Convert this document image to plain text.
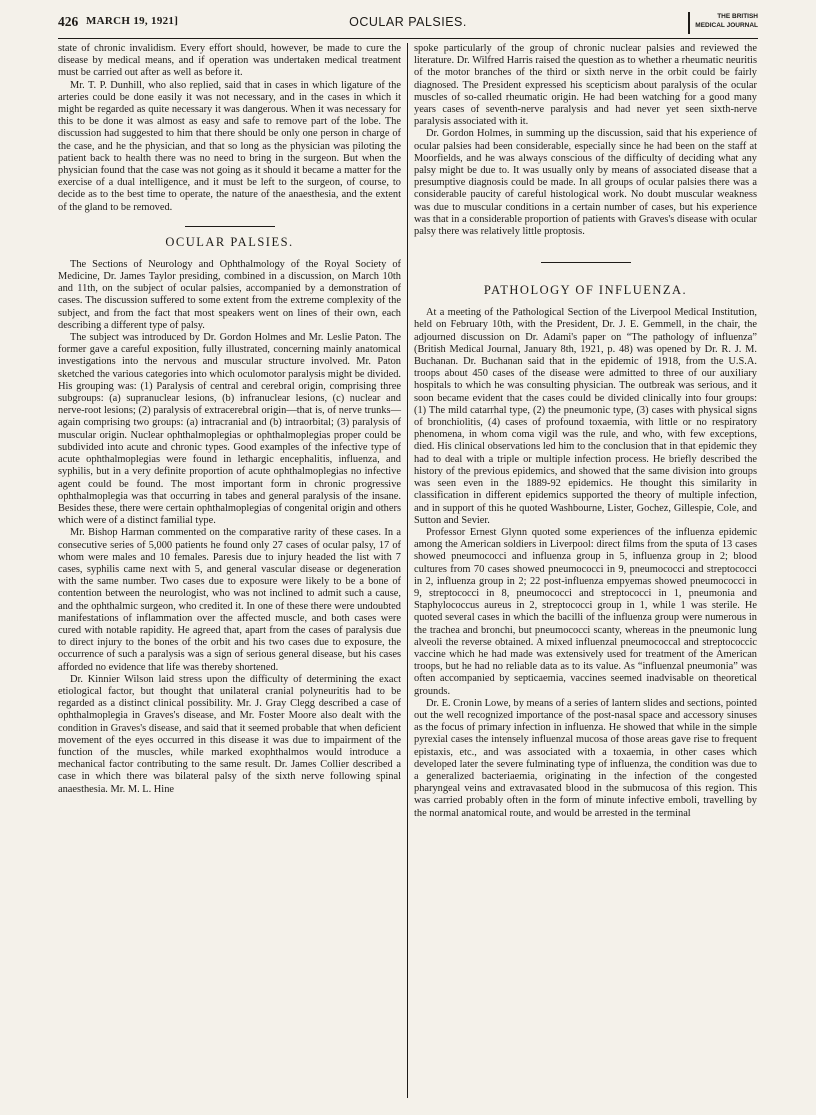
426 MARCH 19, 1921]	OCULAR PALSIES.	THE BRITISH
MEDICAL JOURNAL

state of chronic invalidism. Every effort should, however, be made to cure the disease by medical means, and if operation was undertaken medical treatment must be carried out after as well as before it.

Mr. T. P. Dunhill, who also replied, said that in cases in which ligature of the arteries could be done easily it was not necessary, and in the cases in which it might be regarded as quite necessary it was dangerous. When it was necessary for this to be done it was almost as easy and safe to remove part of the lobe. The discussion had suggested to him that there should be only one person in charge of the case, and he the physician, and that so long as the physician was piloting the patient back to health there was no need to bring in the surgeon. But when the physician found that the case was not going as it should it became a matter for the exercise of a dual intelligence, and it must be left to the surgeon, of course, to decide as to the best time to operate, the nature of the anaesthesia, and the extent of the gland to be removed.

OCULAR PALSIES.

The Sections of Neurology and Ophthalmology of the Royal Society of Medicine, Dr. James Taylor presiding, combined in a discussion, on March 10th and 11th, on the subject of ocular palsies, accompanied by a demonstration of cases. The discussion suffered to some extent from the extreme complexity of the subject, and from the fact that most speakers went on lines of their own, each describing a different type of palsy.

The subject was introduced by Dr. Gordon Holmes and Mr. Leslie Paton. The former gave a careful exposition, fully illustrated, concerning mainly anatomical investigations into the nervous and muscular structure involved. Mr. Paton sketched the various categories into which oculomotor paralysis might be divided. His grouping was: (1) Paralysis of central and cerebral origin, comprising three subgroups: (a) supranuclear lesions, (b) infranuclear lesions, (c) nuclear and nerve-root lesions; (2) paralysis of extracerebral origin—that is, of nerve trunks—again comprising two groups: (a) intracranial and (b) intraorbital; (3) paralysis of muscular origin. Nuclear ophthalmoplegias or ophthalmoplegias proper could be subdivided into acute and chronic types. Good examples of the infective type of acute ophthalmoplegias were found in lethargic encephalitis, influenza, and syphilis, but in a very definite proportion of acute ophthalmoplegias no infective agent could be found. The most important form in chronic progressive ophthalmoplegia was that occurring in tabes and general paralysis of the insane. Besides these, there were certain ophthalmoplegias of congenital origin and others which were of a distinct familial type.

Mr. Bishop Harman commented on the comparative rarity of these cases. In a consecutive series of 5,000 patients he found only 27 cases of ocular palsy, 17 of whom were males and 10 females. Paresis due to injury headed the list with 7 cases, syphilis came next with 5, and general vascular disease or degeneration with the same number. Two cases due to exposure were likely to be a bone of contention between the neurologist, who was not inclined to admit such a cause, and the ophthalmic surgeon, who credited it. In one of these there were undoubted manifestations of inflammation over the affected muscle, and both cases were cured with notable rapidity. He agreed that, apart from the cases of paralysis due to direct injury to the bones of the orbit and his two cases due to exposure, the occurrence of such a paralysis was a sign of serious general disease, but his cases afforded no evidence that life was thereby shortened.

Dr. Kinnier Wilson laid stress upon the difficulty of determining the exact etiological factor, but thought that unilateral cranial polyneuritis had to be regarded as a distinct clinical possibility. Mr. J. Gray Clegg described a case of ophthalmoplegia in Graves's disease, and Mr. Foster Moore also dealt with the condition in Graves's disease, and said that it seemed probable that when deficient movement of the eyes occurred in this disease it was due to impairment of the function of the muscles, while marked exophthalmos would introduce a mechanical factor contributing to the same result. Dr. James Collier described a case in which there was bilateral palsy of the sixth nerve following spinal anaesthesia. Mr. M. L. Hine

spoke particularly of the group of chronic nuclear palsies and reviewed the literature. Dr. Wilfred Harris raised the question as to whether a rheumatic neuritis of the motor branches of the third or sixth nerve in the orbit could be fairly diagnosed. The President expressed his scepticism about paralysis of the ocular muscles of so-called rheumatic origin. He had been watching for a good many years cases of seventh-nerve paralysis and had never yet seen sixth-nerve paralysis associated with it.

Dr. Gordon Holmes, in summing up the discussion, said that his experience of ocular palsies had been considerable, especially since he had been on the staff at Moorfields, and he was always conscious of the difficulty of deciding what any palsy might be due to. It was usually only by means of associated disease that a presumptive diagnosis could be made. In all groups of ocular palsies there was a considerable paucity of careful histological work. No doubt muscular weakness was due to muscular conditions in a certain number of cases, but his experience was that in a considerable proportion of patients with Graves's disease with ocular palsy there was relatively little proptosis.

PATHOLOGY OF INFLUENZA.

At a meeting of the Pathological Section of the Liverpool Medical Institution, held on February 10th, with the President, Dr. J. E. Gemmell, in the chair, the adjourned discussion on Dr. Adami's paper on “The pathology of influenza” (British Medical Journal, January 8th, 1921, p. 48) was opened by Dr. R. J. M. Buchanan. Dr. Buchanan said that in the epidemic of 1918, from the U.S.A. troops about 450 cases of the disease were admitted to three of our auxiliary hospitals to which he was consulting physician. The outbreak was serious, and it soon became evident that the cases could be divided clinically into four groups: (1) The mild catarrhal type, (2) the pneumonic type, (3) cases with physical signs of bronchiolitis, (4) cases of profound toxaemia, with little or no respiratory phenomena, in whom coma vigil was the rule, and who, with few exceptions, died. His clinical observations led him to the conclusion that in that epidemic they had to deal with a triple or multiple infection process. He briefly described the history of the previous epidemics, and showed that the same division into groups was seen even in the 1889-92 epidemics. He thought this similarity in classification in different epidemics supported the theory of multiple infection, and in support of this he quoted Washbourne, Lister, Gochez, Gillespie, Cole, and Sutton and Sevier.

Professor Ernest Glynn quoted some experiences of the influenza epidemic among the American soldiers in Liverpool: direct films from the sputa of 13 cases showed pneumococci and influenza group in 5, influenza group in 2; blood cultures from 70 cases showed pneumococci in 9, pneumococci and streptococci in 2, influenza group in 2; 22 post-influenza empyemas showed pneumococci in 9, streptococci in 8, pneumococci and streptococci in 1, pneumonia and Staphylococcus aureus in 2, streptococci group in 1, while 1 was sterile. He quoted several cases in which the bacilli of the influenza group were numerous in the trachea and bronchi, but pneumococci scanty, whereas in the pneumonic lung alveoli the reverse obtained. A mixed influenzal pneumococcal and streptococcic vaccine which he had made was extensively used for treatment of the American troops, but he had no reliable data as to its value. As “influenzal pneumonia” was often accompanied by septicaemia, vaccines seemed inadvisable on theoretical grounds.

Dr. E. Cronin Lowe, by means of a series of lantern slides and sections, pointed out the well recognized importance of the post-nasal space and accessory sinuses as the focus of primary infection in influenza. He showed that while in the simple pyrexial cases the intensely influenzal mucosa of those areas gave rise to frequent epistaxis, etc., and was associated with a toxaemia, in other cases which developed later the severe fulminating type of influenza, the condition was due to a generalized bacteriaemia, originating in the infection of the congested pharyngeal veins and extravasated blood in the submucosa of this region. This was carried probably often in the form of minute infective emboli, travelling by the normal anatomical route, and would be arrested in the terminal
